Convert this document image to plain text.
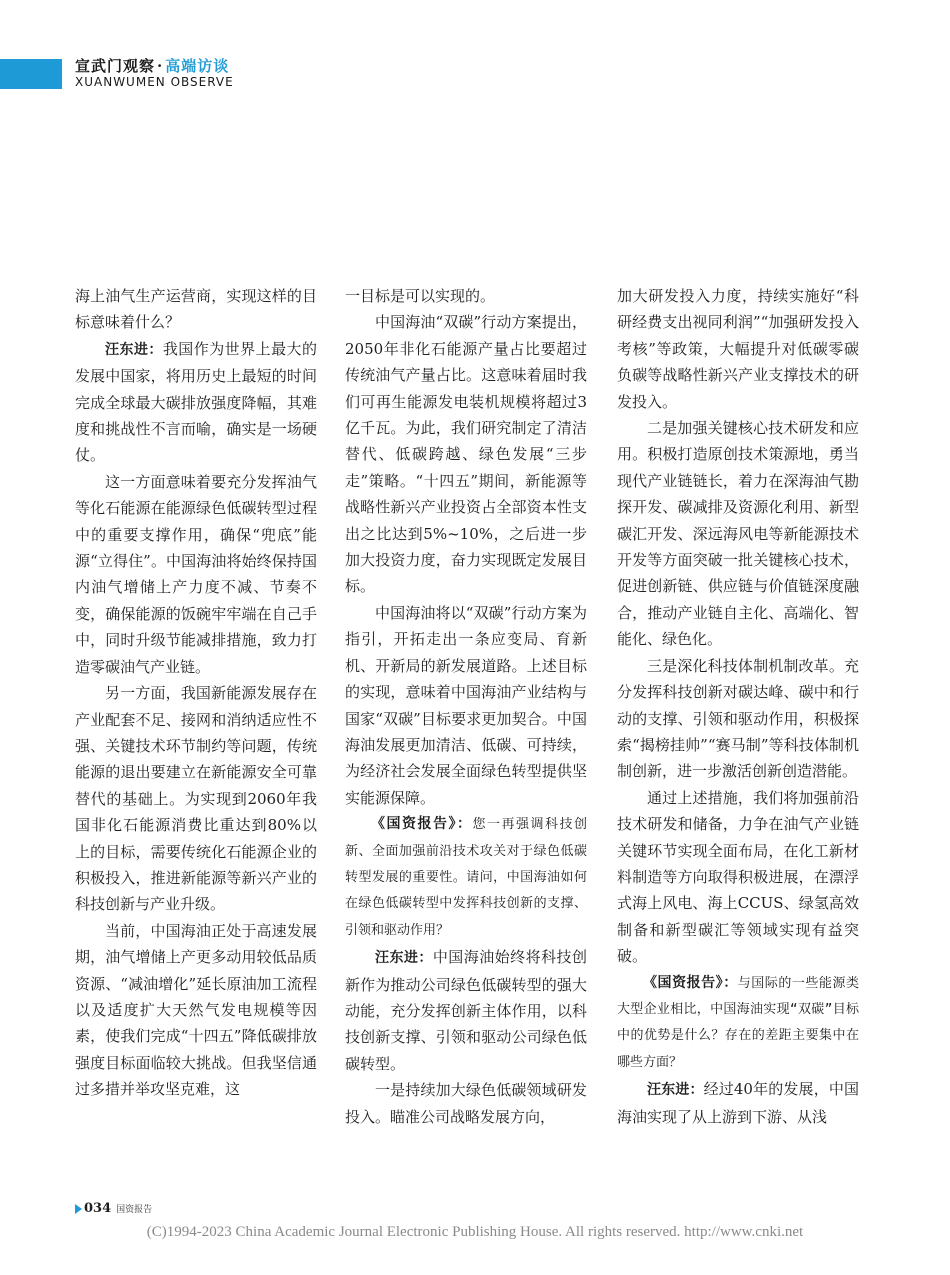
宣武门观察 · 高端访谈
XUANWUMEN OBSERVE

海上油气生产运营商，实现这样的目标意味着什么？

汪东进：我国作为世界上最大的发展中国家，将用历史上最短的时间完成全球最大碳排放强度降幅，其难度和挑战性不言而喻，确实是一场硬仗。

这一方面意味着要充分发挥油气等化石能源在能源绿色低碳转型过程中的重要支撑作用，确保“兜底”能源“立得住”。中国海油将始终保持国内油气增储上产力度不减、节奏不变，确保能源的饭碗牢牢端在自己手中，同时升级节能减排措施，致力打造零碳油气产业链。

另一方面，我国新能源发展存在产业配套不足、接网和消纳适应性不强、关键技术环节制约等问题，传统能源的退出要建立在新能源安全可靠替代的基础上。为实现到2060年我国非化石能源消费比重达到80%以上的目标，需要传统化石能源企业的积极投入，推进新能源等新兴产业的科技创新与产业升级。

当前，中国海油正处于高速发展期，油气增储上产更多动用较低品质资源、“减油增化”延长原油加工流程以及适度扩大天然气发电规模等因素，使我们完成“十四五”降低碳排放强度目标面临较大挑战。但我坚信通过多措并举攻坚克难，这

一目标是可以实现的。

中国海油“双碳”行动方案提出，2050年非化石能源产量占比要超过传统油气产量占比。这意味着届时我们可再生能源发电装机规模将超过3亿千瓦。为此，我们研究制定了清洁替代、低碳跨越、绿色发展“三步走”策略。“十四五”期间，新能源等战略性新兴产业投资占全部资本性支出之比达到5%~10%，之后进一步加大投资力度，奋力实现既定发展目标。

中国海油将以“双碳”行动方案为指引，开拓走出一条应变局、育新机、开新局的新发展道路。上述目标的实现，意味着中国海油产业结构与国家“双碳”目标要求更加契合。中国海油发展更加清洁、低碳、可持续，为经济社会发展全面绿色转型提供坚实能源保障。

《国资报告》：您一再强调科技创新、全面加强前沿技术攻关对于绿色低碳转型发展的重要性。请问，中国海油如何在绿色低碳转型中发挥科技创新的支撑、引领和驱动作用？

汪东进：中国海油始终将科技创新作为推动公司绿色低碳转型的强大动能，充分发挥创新主体作用，以科技创新支撑、引领和驱动公司绿色低碳转型。

一是持续加大绿色低碳领域研发投入。瞄准公司战略发展方向，

加大研发投入力度，持续实施好“科研经费支出视同利润”“加强研发投入考核”等政策，大幅提升对低碳零碳负碳等战略性新兴产业支撑技术的研发投入。

二是加强关键核心技术研发和应用。积极打造原创技术策源地，勇当现代产业链链长，着力在深海油气勘探开发、碳减排及资源化利用、新型碳汇开发、深远海风电等新能源技术开发等方面突破一批关键核心技术，促进创新链、供应链与价值链深度融合，推动产业链自主化、高端化、智能化、绿色化。

三是深化科技体制机制改革。充分发挥科技创新对碳达峰、碳中和行动的支撑、引领和驱动作用，积极探索“揭榜挂帅”“赛马制”等科技体制机制创新，进一步激活创新创造潜能。

通过上述措施，我们将加强前沿技术研发和储备，力争在油气产业链关键环节实现全面布局，在化工新材料制造等方向取得积极进展，在漂浮式海上风电、海上CCUS、绿氢高效制备和新型碳汇等领域实现有益突破。

《国资报告》：与国际的一些能源类大型企业相比，中国海油实现“双碳”目标中的优势是什么？存在的差距主要集中在哪些方面？

汪东进：经过40年的发展，中国海油实现了从上游到下游、从浅

034 国资报告
(C)1994-2023 China Academic Journal Electronic Publishing House. All rights reserved. http://www.cnki.net
